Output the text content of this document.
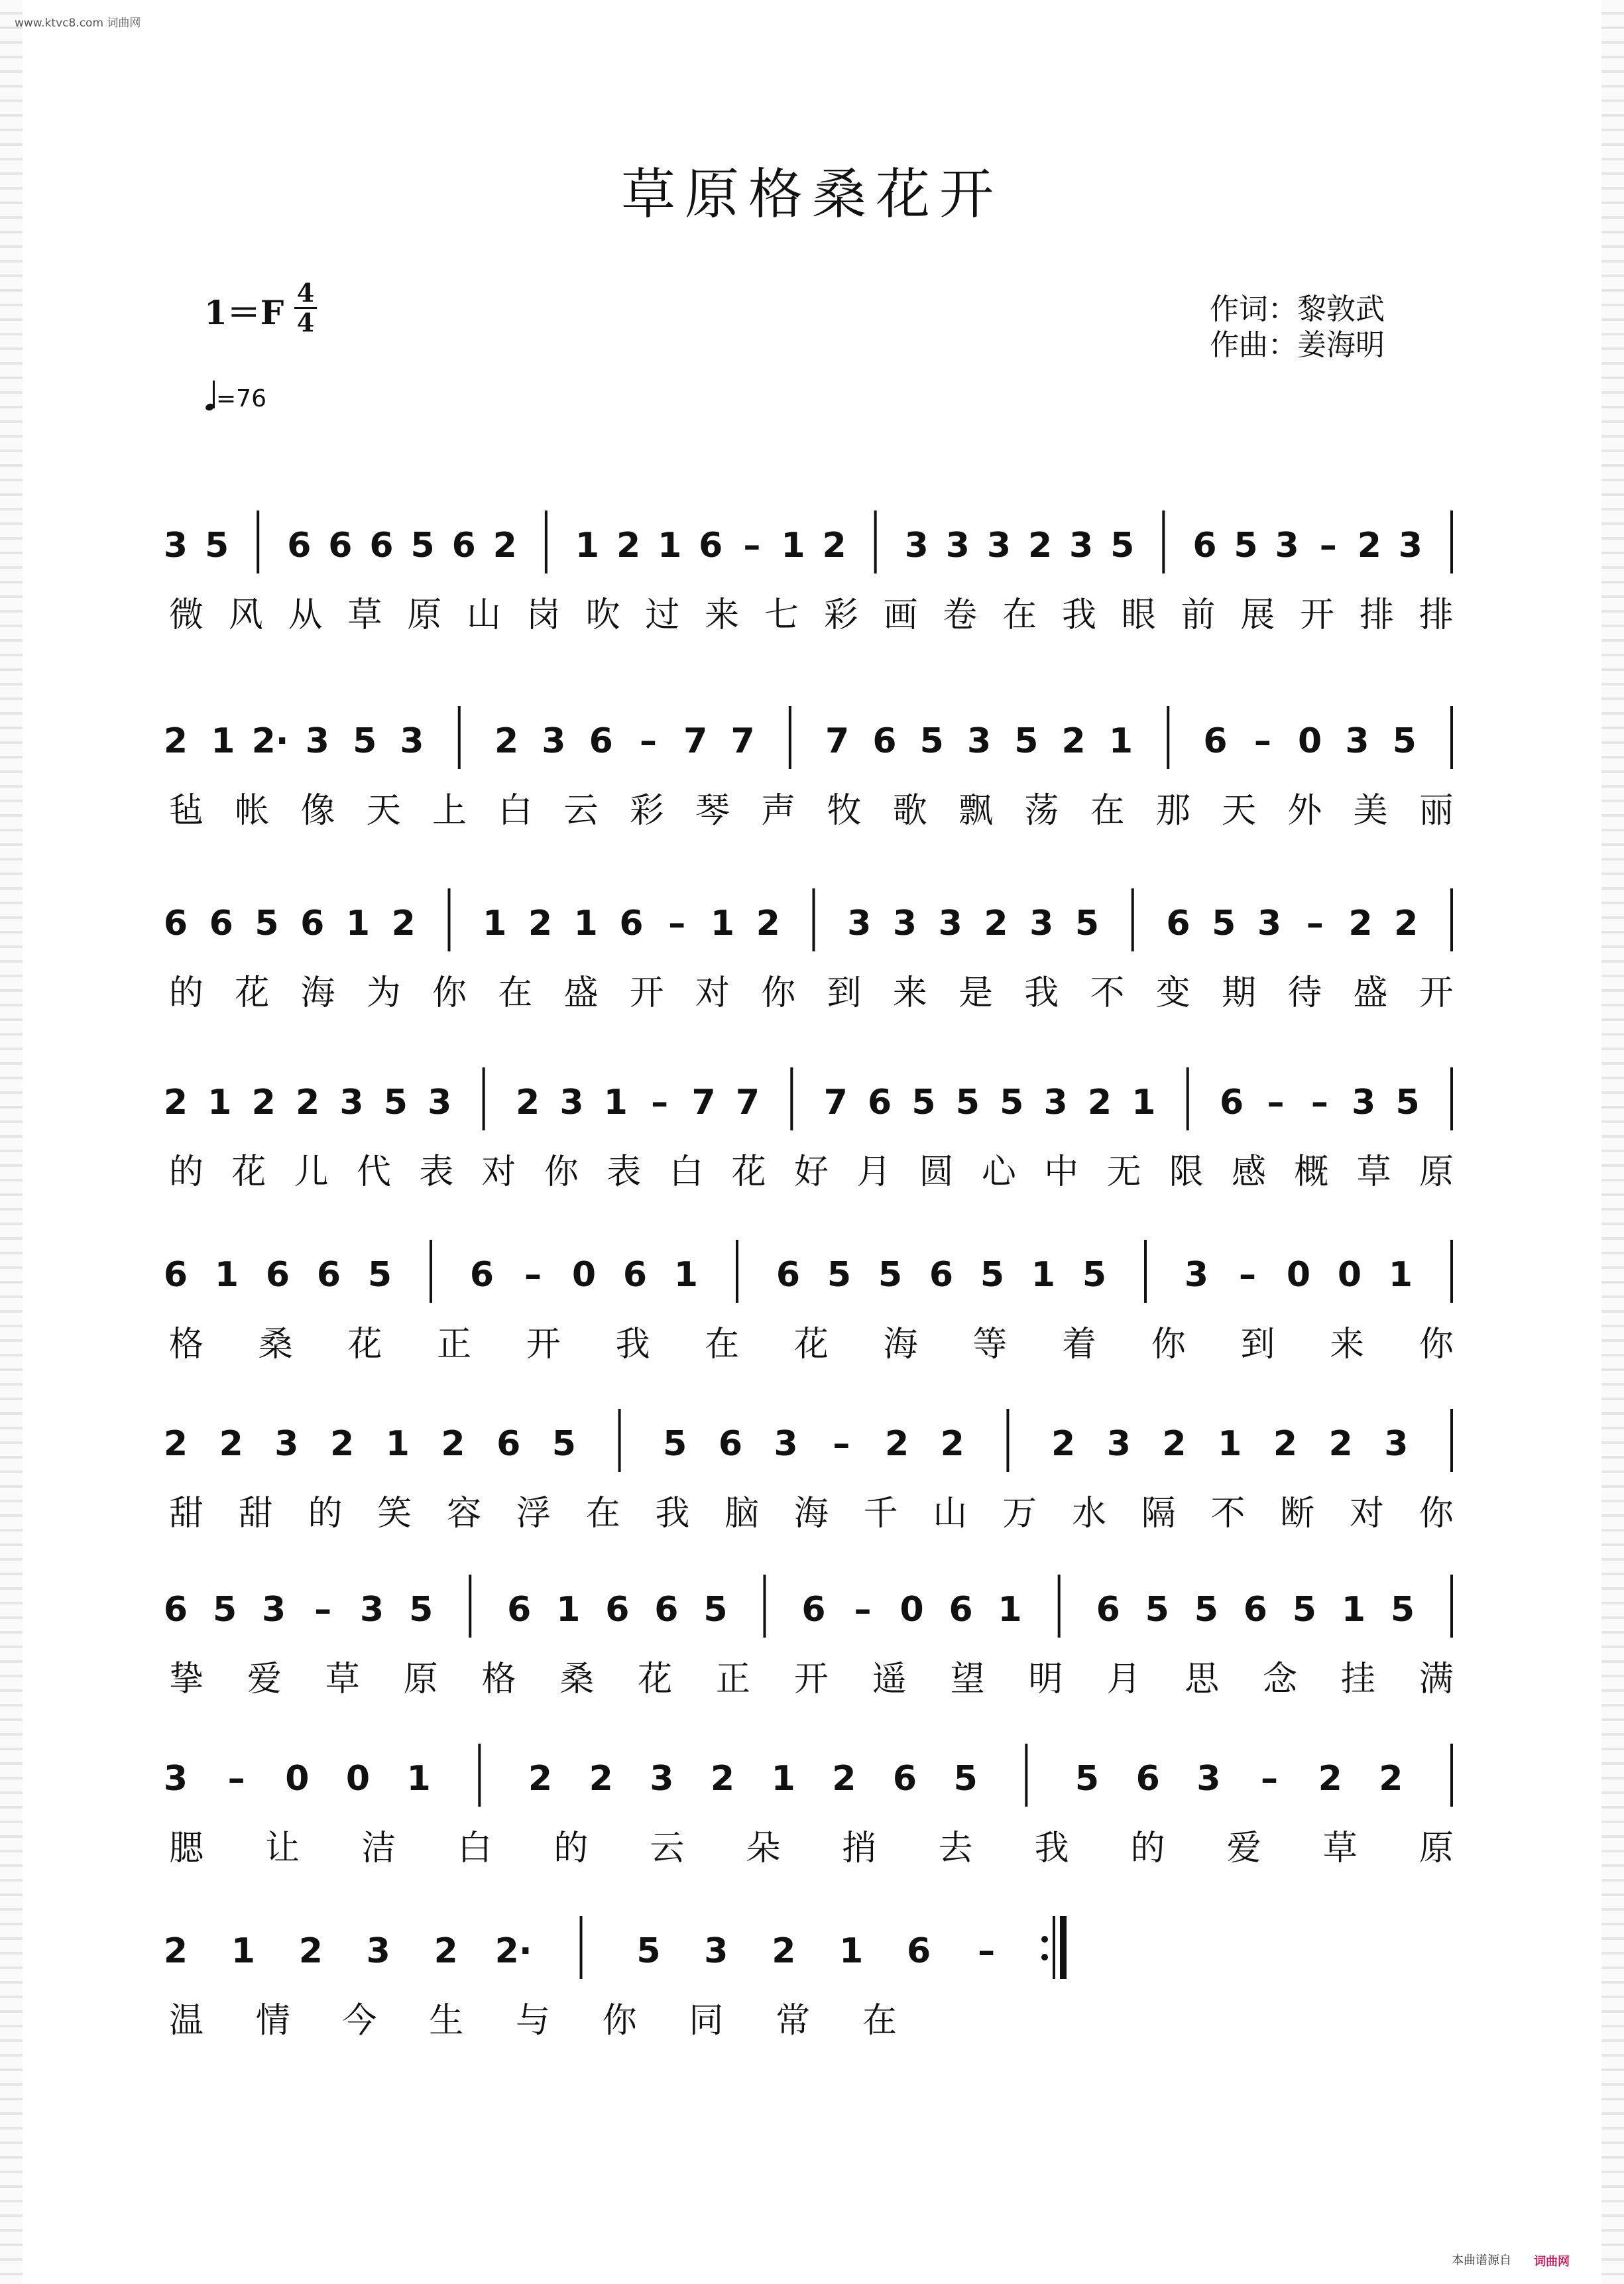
www.ktvc8.com 词曲网
草原格桑花开
1＝F
4
4
=76
作词：黎敦武
作曲：姜海明
3 5 6 6 6 5 6 2 1 2 1 6 – 1 2 3 3 3 2 3 5 6 5 3 – 2 3
微 风 从 草 原 山 岗 吹 过 来 七 彩 画 卷 在 我 眼 前 展 开 排 排
2 1 2· 3 5 3 2 3 6 – 7 7 7 6 5 3 5 2 1 6 – 0 3 5
毡 帐 像 天 上 白 云 彩 琴 声 牧 歌 飘 荡 在 那 天 外 美 丽
6 6 5 6 1 2 1 2 1 6 – 1 2 3 3 3 2 3 5 6 5 3 – 2 2
的 花 海 为 你 在 盛 开 对 你 到 来 是 我 不 变 期 待 盛 开
2 1 2 2 3 5 3 2 3 1 – 7 7 7 6 5 5 5 3 2 1 6 – – 3 5
的 花 儿 代 表 对 你 表 白 花 好 月 圆 心 中 无 限 感 概 草 原
6 1 6 6 5 6 – 0 6 1 6 5 5 6 5 1 5 3 – 0 0 1
格 桑 花 正 开 我 在 花 海 等 着 你 到 来 你
2 2 3 2 1 2 6 5	5 6 3 – 2 2	2 3 2 1 2 2 3
甜 甜 的 笑 容 浮 在 我 脑 海 千 山 万 水 隔 不 断 对 你
6 5 3 – 3 5 6 1 6 6 5 6 – 0 6 1 6 5 5 6 5 1 5
挚 爱 草 原 格 桑 花 正 开 遥 望 明 月 思 念 挂 满
3 – 0 0 1	2 2 3 2 1 2 6 5	5 6 3 – 2 2
腮 让 洁 白 的 云 朵 捎 去 我 的 爱 草 原
2 1 2 3 2 2·	5 3 2 1 6 –
温 情 今 生 与 你 同 常 在
本曲谱源自 词曲网
